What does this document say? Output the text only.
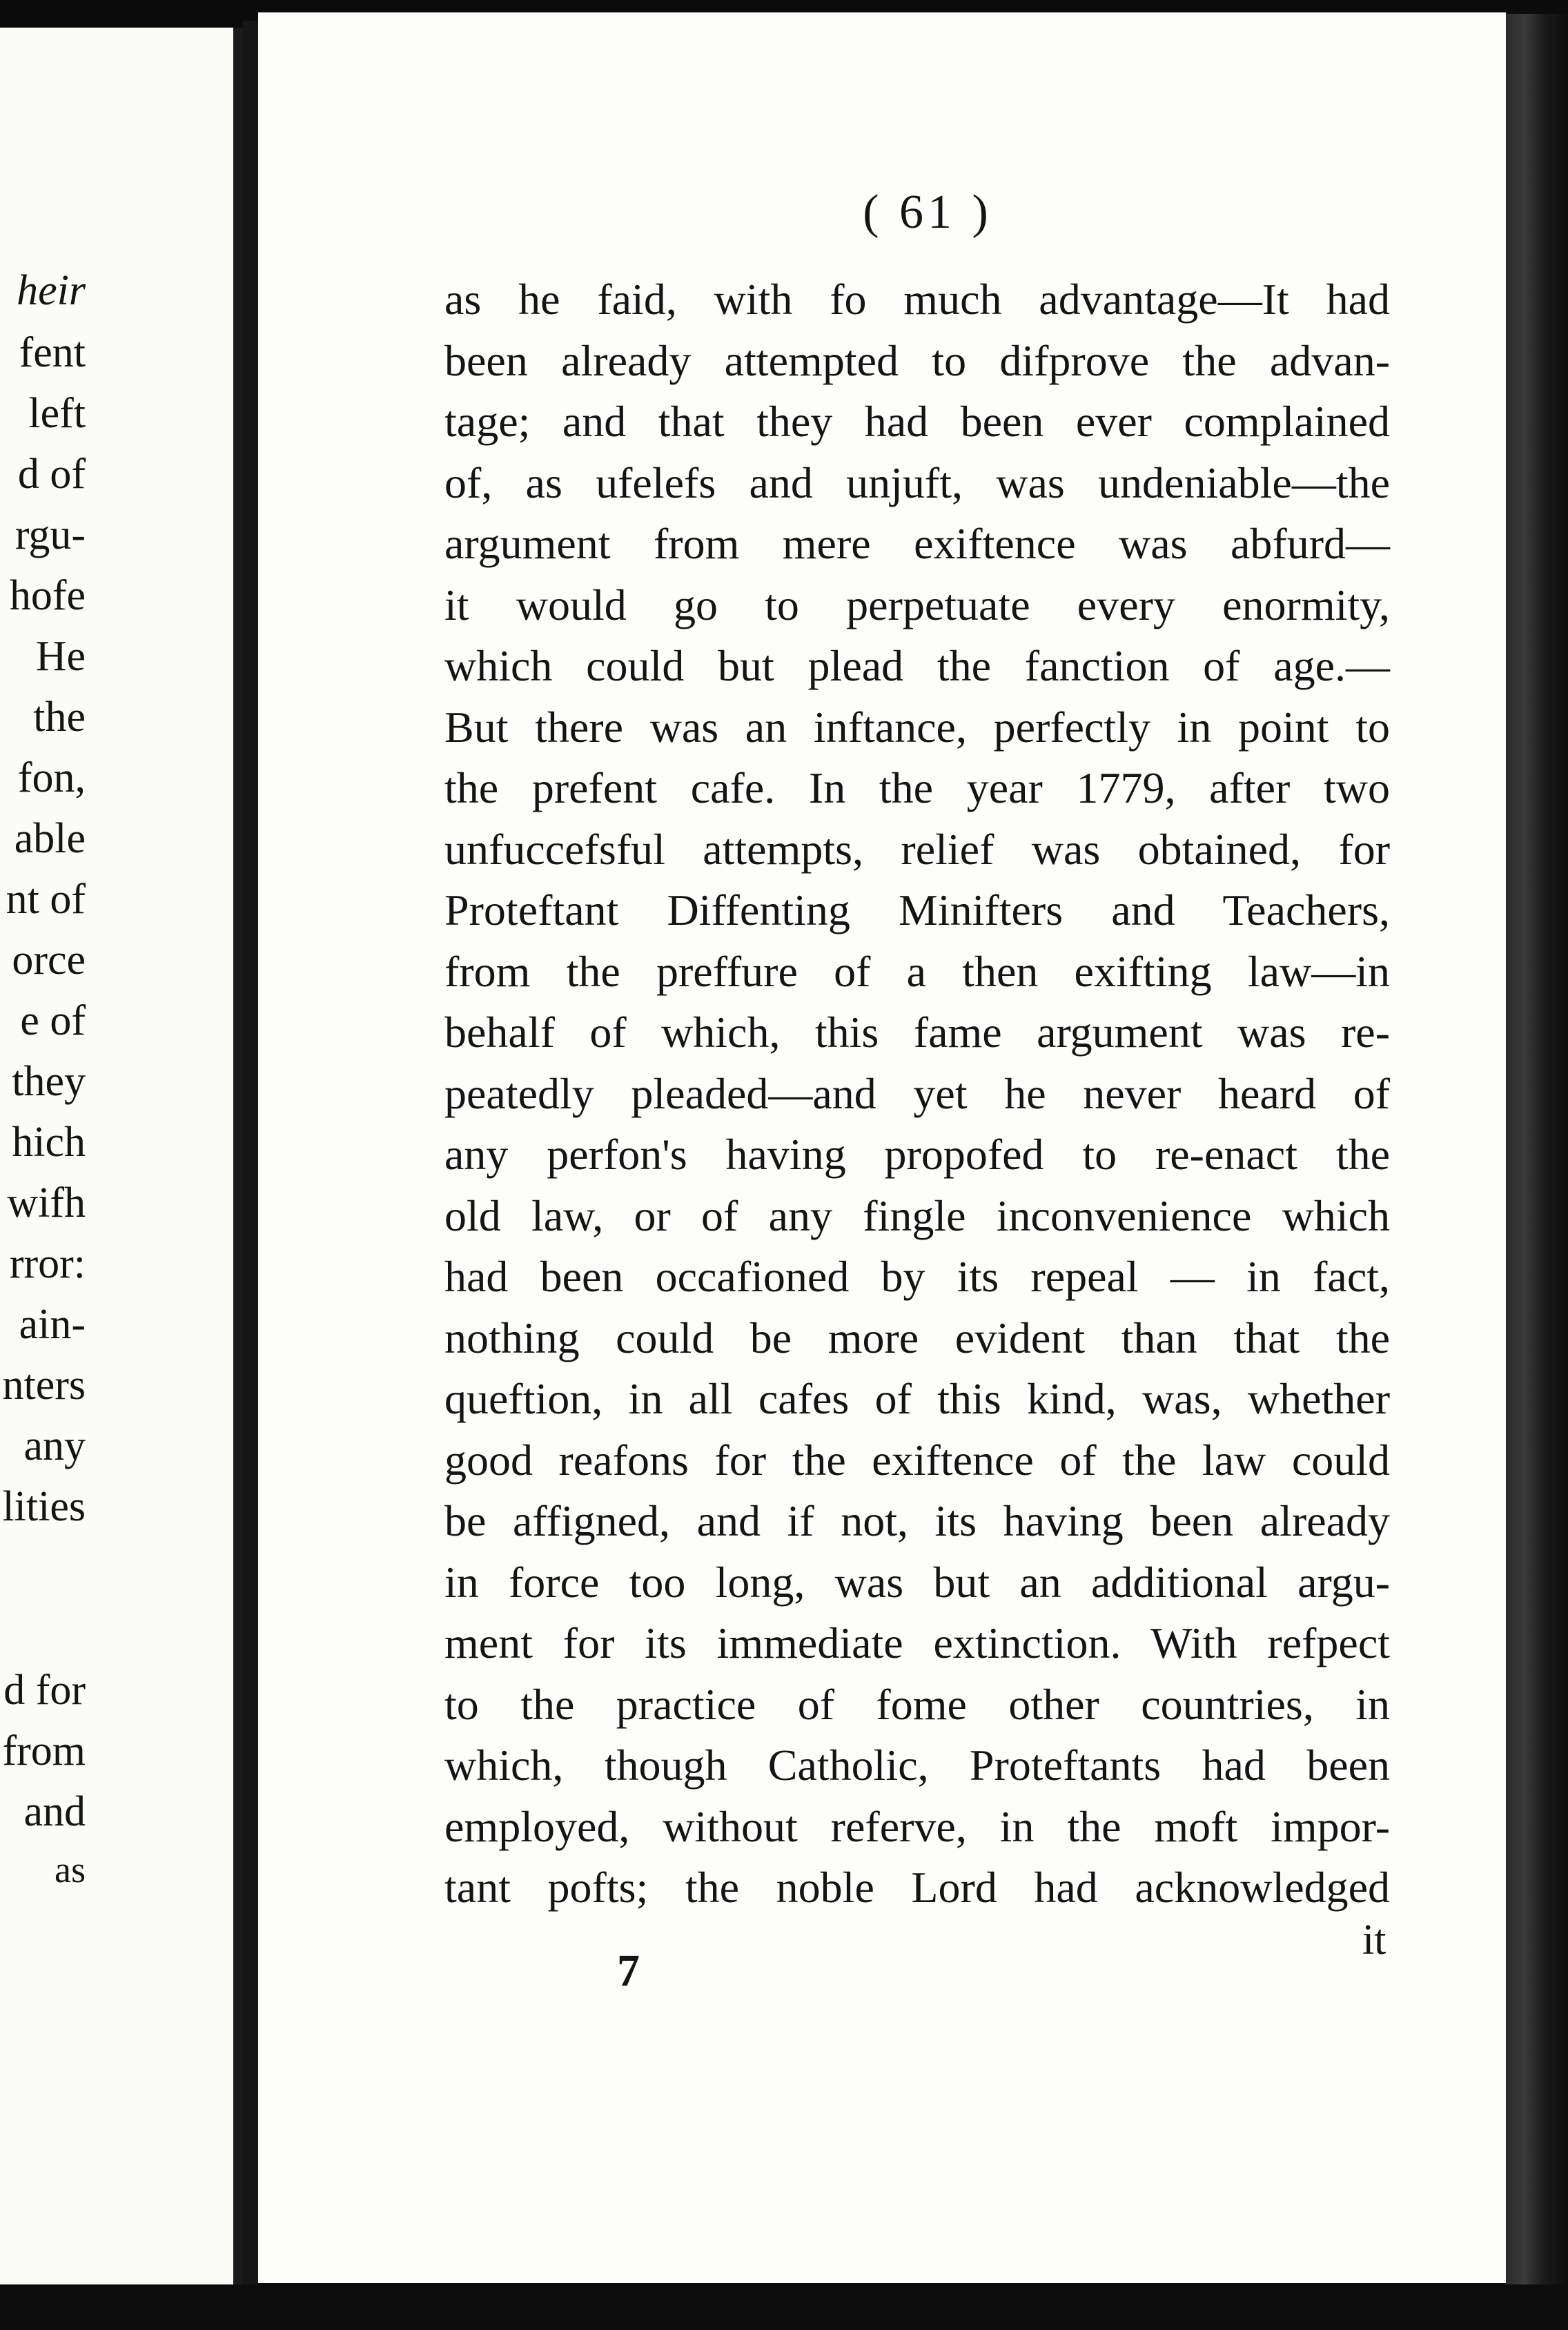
heir
fent
left
d of
rgu-
hofe
He
the
fon,
able
nt of
orce
e of
they
hich
wifh
rror:
ain-
nters
any
lities
d for
from
and
as
( 61 )
as he faid, with fo much advantage—It had
been already attempted to difprove the advan-
tage; and that they had been ever complained
of, as ufelefs and unjuft, was undeniable—the
argument from mere exiftence was abfurd—
it would go to perpetuate every enormity,
which could but plead the fanction of age.—
But there was an inftance, perfectly in point to
the prefent cafe. In the year 1779, after two
unfuccefsful attempts, relief was obtained, for
Proteftant Diffenting Minifters and Teachers,
from the preffure of a then exifting law—in
behalf of which, this fame argument was re-
peatedly pleaded—and yet he never heard of
any perfon's having propofed to re-enact the
old law, or of any fingle inconvenience which
had been occafioned by its repeal — in fact,
nothing could be more evident than that the
queftion, in all cafes of this kind, was, whether
good reafons for the exiftence of the law could
be affigned, and if not, its having been already
in force too long, was but an additional argu-
ment for its immediate extinction. With refpect
to the practice of fome other countries, in
which, though Catholic, Proteftants had been
employed, without referve, in the moft impor-
tant pofts; the noble Lord had acknowledged
it
7
